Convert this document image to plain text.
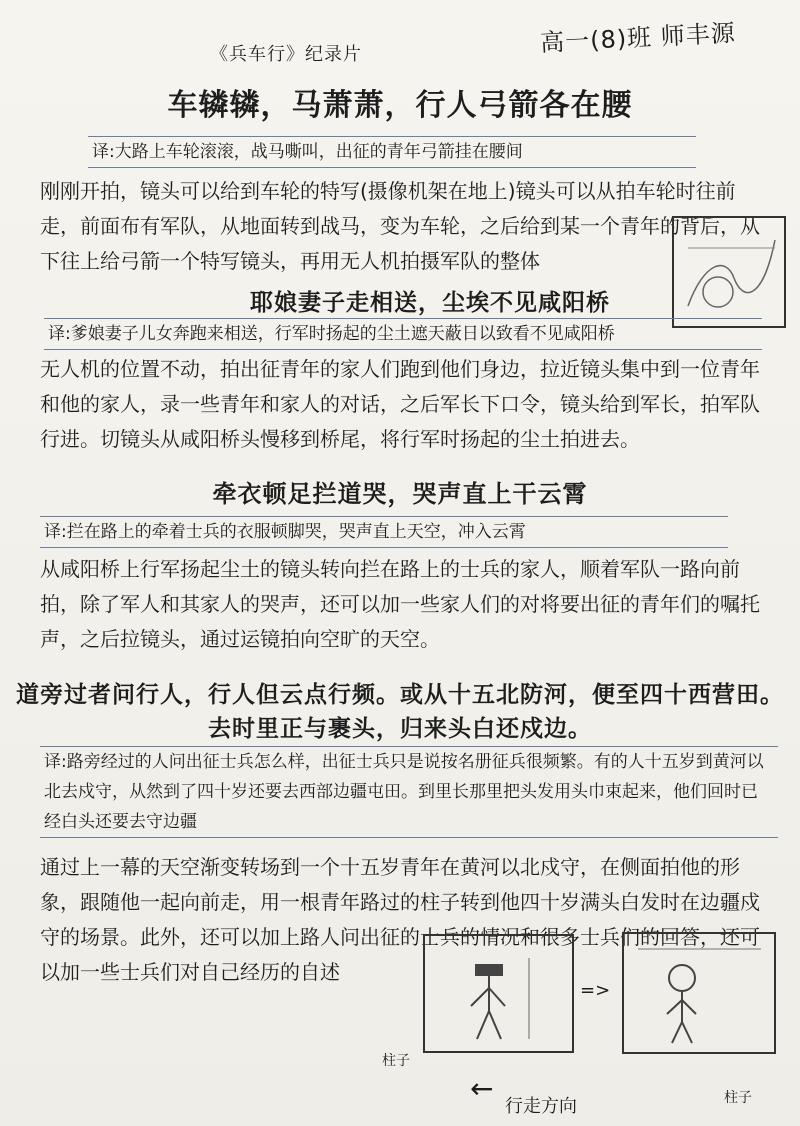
《兵车行》纪录片	高一(8)班 师丰源
车辚辚，马萧萧，行人弓箭各在腰
译:大路上车轮滚滚，战马嘶叫，出征的青年弓箭挂在腰间
刚刚开拍，镜头可以给到车轮的特写(摄像机架在地上)镜头可以从拍车轮时往前走，前面布有军队，从地面转到战马，变为车轮，之后给到某一个青年的背后，从下往上给弓箭一个特写镜头，再用无人机拍摄军队的整体
耶娘妻子走相送，尘埃不见咸阳桥
译:爹娘妻子儿女奔跑来相送，行军时扬起的尘土遮天蔽日以致看不见咸阳桥
无人机的位置不动，拍出征青年的家人们跑到他们身边，拉近镜头集中到一位青年和他的家人，录一些青年和家人的对话，之后军长下口令，镜头给到军长，拍军队行进。切镜头从咸阳桥头慢移到桥尾，将行军时扬起的尘土拍进去。
牵衣顿足拦道哭，哭声直上干云霄
译:拦在路上的牵着士兵的衣服顿脚哭，哭声直上天空，冲入云霄
从咸阳桥上行军扬起尘土的镜头转向拦在路上的士兵的家人，顺着军队一路向前拍，除了军人和其家人的哭声，还可以加一些家人们的对将要出征的青年们的嘱托声，之后拉镜头，通过运镜拍向空旷的天空。
道旁过者问行人，行人但云点行频。或从十五北防河，便至四十西营田。
去时里正与裹头，归来头白还戍边。
译:路旁经过的人问出征士兵怎么样，出征士兵只是说按名册征兵很频繁。有的人十五岁到黄河以北去戍守，从然到了四十岁还要去西部边疆屯田。到里长那里把头发用头巾束起来，他们回时已经白头还要去守边疆
通过上一幕的天空渐变转场到一个十五岁青年在黄河以北戍守，在侧面拍他的形象，跟随他一起向前走，用一根青年路过的柱子转到他四十岁满头白发时在边疆戍守的场景。此外，还可以加上路人问出征的士兵的情况和很多士兵们的回答，还可以加一些士兵们对自己经历的自述
=>
柱子
←
行走方向	柱子
